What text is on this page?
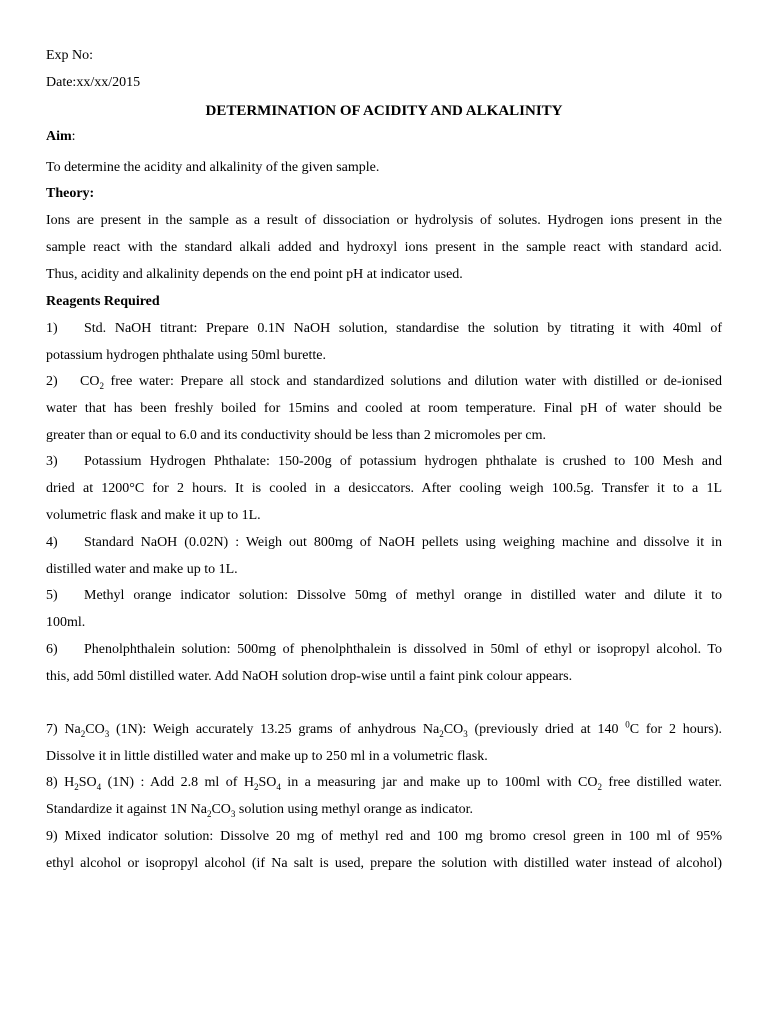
Exp No:
Date:xx/xx/2015
DETERMINATION OF ACIDITY AND ALKALINITY
Aim:
To determine the acidity and alkalinity of the given sample.
Theory:
Ions are present in the sample as a result of dissociation or hydrolysis of solutes. Hydrogen ions present in the
sample react with the standard alkali added and hydroxyl ions present in the sample react with standard acid.
Thus, acidity and alkalinity depends on the end point pH at indicator used.
Reagents Required
1)	Std. NaOH titrant: Prepare 0.1N NaOH solution, standardise the solution by titrating it with 40ml of
potassium hydrogen phthalate using 50ml burette.
2)	$CO_2$ free water: Prepare all stock and standardized solutions and dilution water with distilled or de-ionised
water that has been freshly boiled for 15mins and cooled at room temperature. Final pH of water should be
greater than or equal to 6.0 and its conductivity should be less than 2 micromoles per cm.
3)	Potassium Hydrogen Phthalate: 150-200g of potassium hydrogen phthalate is crushed to 100 Mesh and
dried at 1200°C for 2 hours. It is cooled in a desiccators. After cooling weigh 100.5g. Transfer it to a 1L
volumetric flask and make it up to 1L.
4)	Standard NaOH (0.02N) : Weigh out 800mg of NaOH pellets using weighing machine and dissolve it in
distilled water and make up to 1L.
5)	Methyl orange indicator solution: Dissolve 50mg of methyl orange in distilled water and dilute it to
100ml.
6)	Phenolphthalein solution: 500mg of phenolphthalein is dissolved in 50ml of ethyl or isopropyl alcohol. To
this, add 50ml distilled water. Add NaOH solution drop-wise until a faint pink colour appears.
7) $Na_2CO_3$ (1N): Weigh accurately 13.25 grams of anhydrous $Na_2CO_3$ (previously dried at 140 $^0$C for 2 hours).
Dissolve it in little distilled water and make up to 250 ml in a volumetric flask.
8) $H_2SO_4$ (1N) : Add 2.8 ml of $H_2SO_4$ in a measuring jar and make up to 100ml with $CO_2$ free distilled water.
Standardize it against 1N $Na_2CO_3$ solution using methyl orange as indicator.
9) Mixed indicator solution: Dissolve 20 mg of methyl red and 100 mg bromo cresol green in 100 ml of 95%
ethyl alcohol or isopropyl alcohol (if Na salt is used, prepare the solution with distilled water instead of alcohol)
